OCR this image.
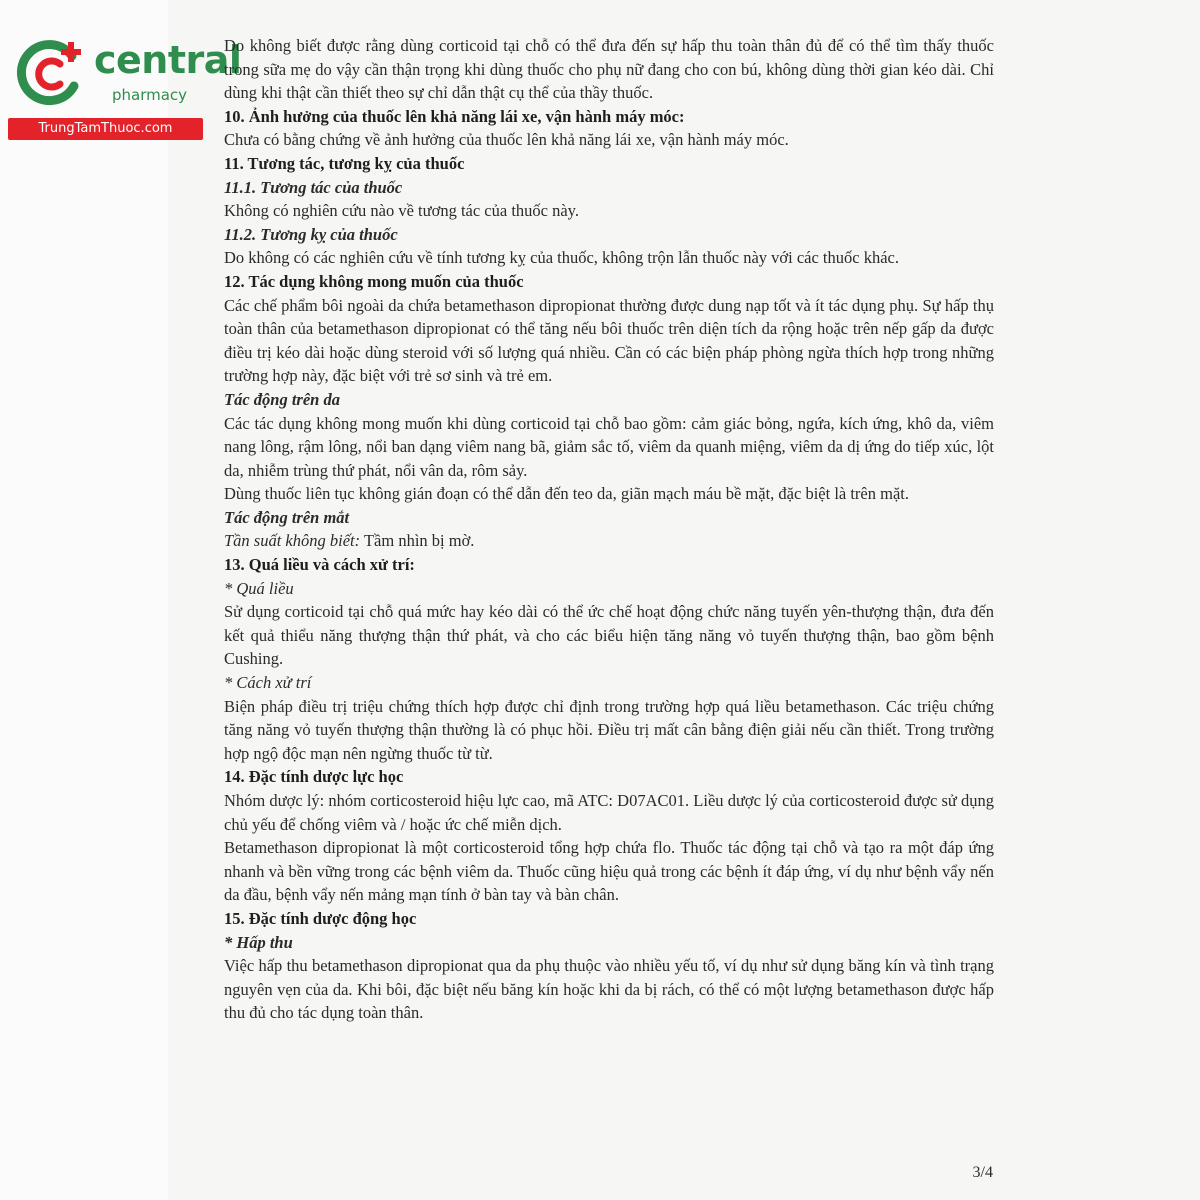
central
pharmacy
TrungTamThuoc.com

Do không biết được rằng dùng corticoid tại chỗ có thể đưa đến sự hấp thu toàn thân đủ để có thể tìm thấy thuốc trong sữa mẹ do vậy cần thận trọng khi dùng thuốc cho phụ nữ đang cho con bú, không dùng thời gian kéo dài. Chỉ dùng khi thật cần thiết theo sự chỉ dẫn thật cụ thể của thầy thuốc.

10. Ảnh hưởng của thuốc lên khả năng lái xe, vận hành máy móc:

Chưa có bằng chứng về ảnh hưởng của thuốc lên khả năng lái xe, vận hành máy móc.

11. Tương tác, tương kỵ của thuốc

11.1. Tương tác của thuốc

Không có nghiên cứu nào về tương tác của thuốc này.

11.2. Tương kỵ của thuốc

Do không có các nghiên cứu về tính tương kỵ của thuốc, không trộn lẫn thuốc này với các thuốc khác.

12. Tác dụng không mong muốn của thuốc

Các chế phẩm bôi ngoài da chứa betamethason dipropionat thường được dung nạp tốt và ít tác dụng phụ. Sự hấp thụ toàn thân của betamethason dipropionat có thể tăng nếu bôi thuốc trên diện tích da rộng hoặc trên nếp gấp da được điều trị kéo dài hoặc dùng steroid với số lượng quá nhiều. Cần có các biện pháp phòng ngừa thích hợp trong những trường hợp này, đặc biệt với trẻ sơ sinh và trẻ em.

Tác động trên da

Các tác dụng không mong muốn khi dùng corticoid tại chỗ bao gồm: cảm giác bỏng, ngứa, kích ứng, khô da, viêm nang lông, rậm lông, nổi ban dạng viêm nang bã, giảm sắc tố, viêm da quanh miệng, viêm da dị ứng do tiếp xúc, lột da, nhiễm trùng thứ phát, nổi vân da, rôm sảy.

Dùng thuốc liên tục không gián đoạn có thể dẫn đến teo da, giãn mạch máu bề mặt, đặc biệt là trên mặt.

Tác động trên mắt

Tần suất không biết: Tầm nhìn bị mờ.

13. Quá liều và cách xử trí:

* Quá liều

Sử dụng corticoid tại chỗ quá mức hay kéo dài có thể ức chế hoạt động chức năng tuyến yên-thượng thận, đưa đến kết quả thiểu năng thượng thận thứ phát, và cho các biểu hiện tăng năng vỏ tuyến thượng thận, bao gồm bệnh Cushing.

* Cách xử trí

Biện pháp điều trị triệu chứng thích hợp được chỉ định trong trường hợp quá liều betamethason. Các triệu chứng tăng năng vỏ tuyến thượng thận thường là có phục hồi. Điều trị mất cân bằng điện giải nếu cần thiết. Trong trường hợp ngộ độc mạn nên ngừng thuốc từ từ.

14. Đặc tính dược lực học

Nhóm dược lý: nhóm corticosteroid hiệu lực cao, mã ATC: D07AC01. Liều dược lý của corticosteroid được sử dụng chủ yếu để chống viêm và / hoặc ức chế miễn dịch.

Betamethason dipropionat là một corticosteroid tổng hợp chứa flo. Thuốc tác động tại chỗ và tạo ra một đáp ứng nhanh và bền vững trong các bệnh viêm da. Thuốc cũng hiệu quả trong các bệnh ít đáp ứng, ví dụ như bệnh vẩy nến da đầu, bệnh vẩy nến mảng mạn tính ở bàn tay và bàn chân.

15. Đặc tính dược động học

* Hấp thu

Việc hấp thu betamethason dipropionat qua da phụ thuộc vào nhiều yếu tố, ví dụ như sử dụng băng kín và tình trạng nguyên vẹn của da. Khi bôi, đặc biệt nếu băng kín hoặc khi da bị rách, có thể có một lượng betamethason được hấp thu đủ cho tác dụng toàn thân.

3/4
